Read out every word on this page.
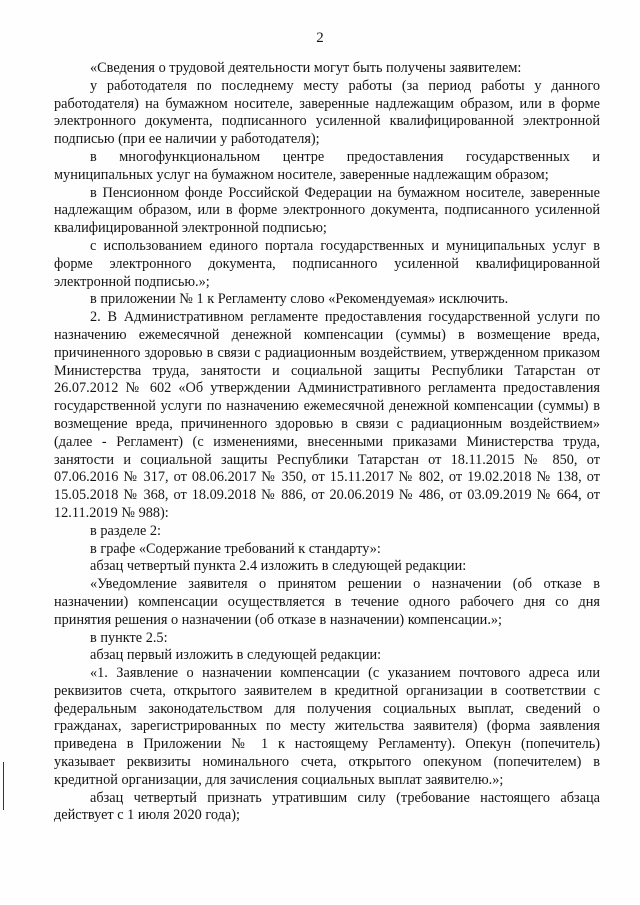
2

«Сведения о трудовой деятельности могут быть получены заявителем:

у работодателя по последнему месту работы (за период работы у данного работодателя) на бумажном носителе, заверенные надлежащим образом, или в форме электронного документа, подписанного усиленной квалифицированной электронной подписью (при ее наличии у работодателя);

в многофункциональном центре предоставления государственных и муниципальных услуг на бумажном носителе, заверенные надлежащим образом;

в Пенсионном фонде Российской Федерации на бумажном носителе, заверенные надлежащим образом, или в форме электронного документа, подписанного усиленной квалифицированной электронной подписью;

с использованием единого портала государственных и муниципальных услуг в форме электронного документа, подписанного усиленной квалифицированной электронной подписью.»;

в приложении № 1 к Регламенту слово «Рекомендуемая» исключить.

2. В Административном регламенте предоставления государственной услуги по назначению ежемесячной денежной компенсации (суммы) в возмещение вреда, причиненного здоровью в связи с радиационным воздействием, утвержденном приказом Министерства труда, занятости и социальной защиты Республики Татарстан от 26.07.2012 № 602 «Об утверждении Административного регламента предоставления государственной услуги по назначению ежемесячной денежной компенсации (суммы) в возмещение вреда, причиненного здоровью в связи с радиационным воздействием» (далее - Регламент) (с изменениями, внесенными приказами Министерства труда, занятости и социальной защиты Республики Татарстан от 18.11.2015 № 850, от 07.06.2016 № 317, от 08.06.2017 № 350, от 15.11.2017 № 802, от 19.02.2018 № 138, от 15.05.2018 № 368, от 18.09.2018 № 886, от 20.06.2019 № 486, от 03.09.2019 № 664, от 12.11.2019 № 988):

в разделе 2:

в графе «Содержание требований к стандарту»:

абзац четвертый пункта 2.4 изложить в следующей редакции:

«Уведомление заявителя о принятом решении о назначении (об отказе в назначении) компенсации осуществляется в течение одного рабочего дня со дня принятия решения о назначении (об отказе в назначении) компенсации.»;

в пункте 2.5:

абзац первый изложить в следующей редакции:

«1. Заявление о назначении компенсации (с указанием почтового адреса или реквизитов счета, открытого заявителем в кредитной организации в соответствии с федеральным законодательством для получения социальных выплат, сведений о гражданах, зарегистрированных по месту жительства заявителя) (форма заявления приведена в Приложении № 1 к настоящему Регламенту). Опекун (попечитель) указывает реквизиты номинального счета, открытого опекуном (попечителем) в кредитной организации, для зачисления социальных выплат заявителю.»;

абзац четвертый признать утратившим силу (требование настоящего абзаца действует с 1 июля 2020 года);
